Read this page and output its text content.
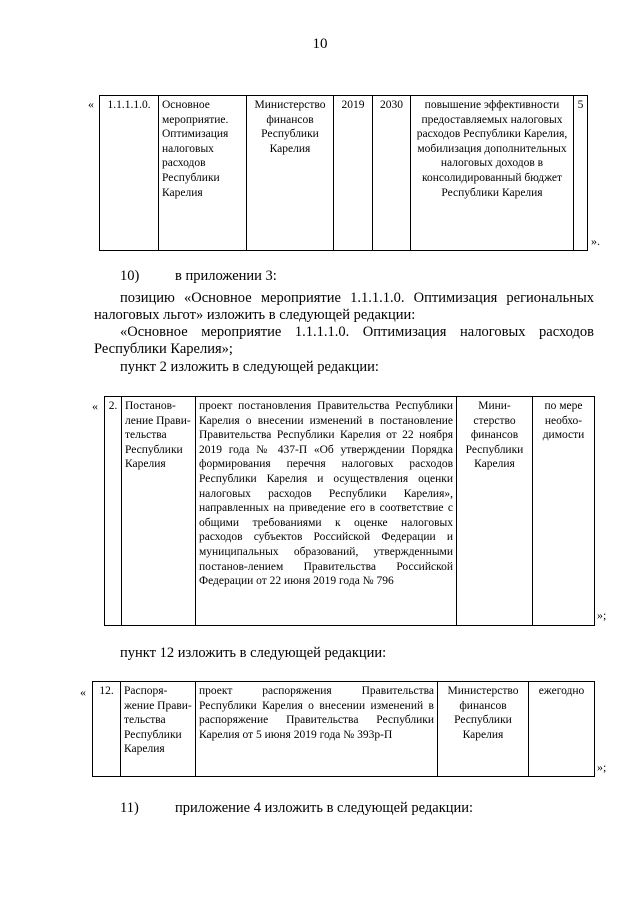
10
« 1.1.1.1.0.	Основное мероприятие. Оптимизация налоговых расходов Республики Карелия	Министерство финансов Республики Карелия	2019	2030	повышение эффективности предоставляемых налоговых расходов Республики Карелия, мобилизация дополнительных налоговых доходов в консолидированный бюджет Республики Карелия	5
».
10) в приложении 3:
позицию «Основное мероприятие 1.1.1.1.0. Оптимизация региональных налоговых льгот» изложить в следующей редакции:
«Основное мероприятие 1.1.1.1.0. Оптимизация налоговых расходов Республики Карелия»;
пункт 2 изложить в следующей редакции:
« 2.	Постанов-ление Прави-тельства Республики Карелия	проект постановления Правительства Республики Карелия о внесении изменений в постановление Правительства Республики Карелия от 22 ноября 2019 года № 437-П «Об утверждении Порядка формирования перечня налоговых расходов Республики Карелия и осуществления оценки налоговых расходов Республики Карелия», направленных на приведение его в соответствие с общими требованиями к оценке налоговых расходов субъектов Российской Федерации и муниципальных образований, утвержденными постанов-лением Правительства Российской Федерации от 22 июня 2019 года № 796	Мини-стерство финансов Республики Карелия	по мере необхо-димости
»;
пункт 12 изложить в следующей редакции:
« 12.	Распоря-жение Прави-тельства Республики Карелия	проект распоряжения Правительства Республики Карелия о внесении изменений в распоряжение Правительства Республики Карелия от 5 июня 2019 года № 393р-П	Министерство финансов Республики Карелия	ежегодно
»;
11) приложение 4 изложить в следующей редакции:
